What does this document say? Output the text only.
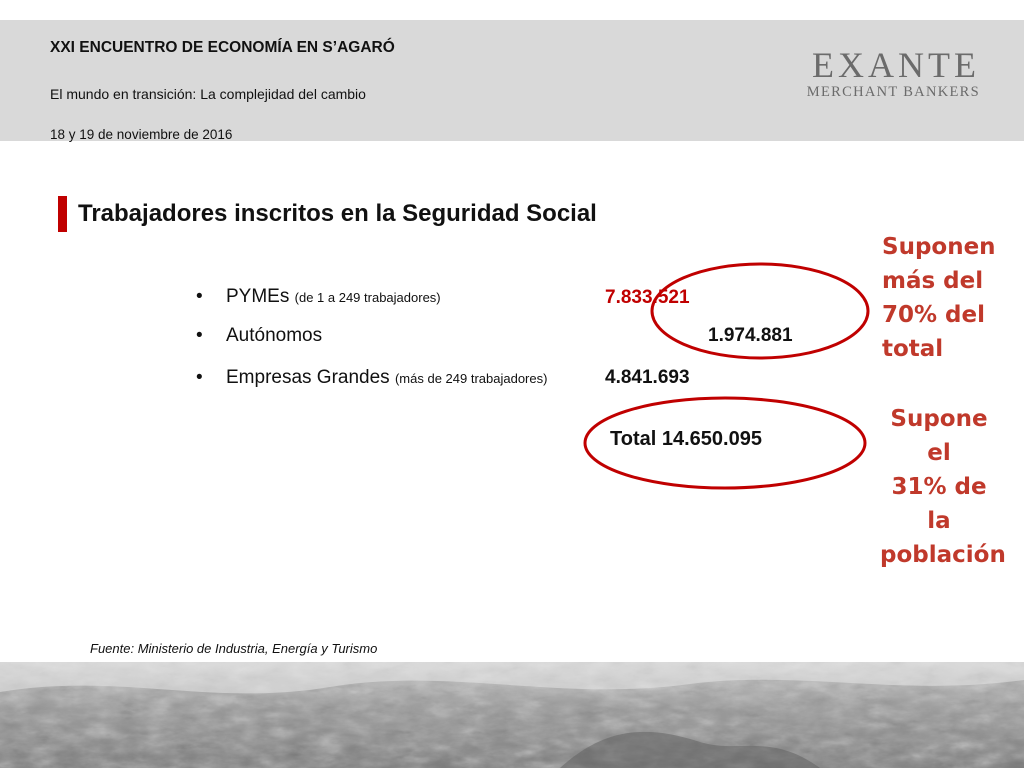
XXI ENCUENTRO DE ECONOMÍA EN S’AGARÓ
El mundo en transición: La complejidad del cambio
18 y 19 de noviembre de 2016
EXANTE
MERCHANT BANKERS
Trabajadores inscritos en la Seguridad Social
• PYMEs (de 1 a 249 trabajadores)	7.833.521
• Autónomos	1.974.881
• Empresas Grandes (más de 249 trabajadores)	4.841.693
Total 14.650.095
Suponen
más del
70% del
total
Supone el
31% de la
población
Fuente: Ministerio de Industria, Energía y Turismo
